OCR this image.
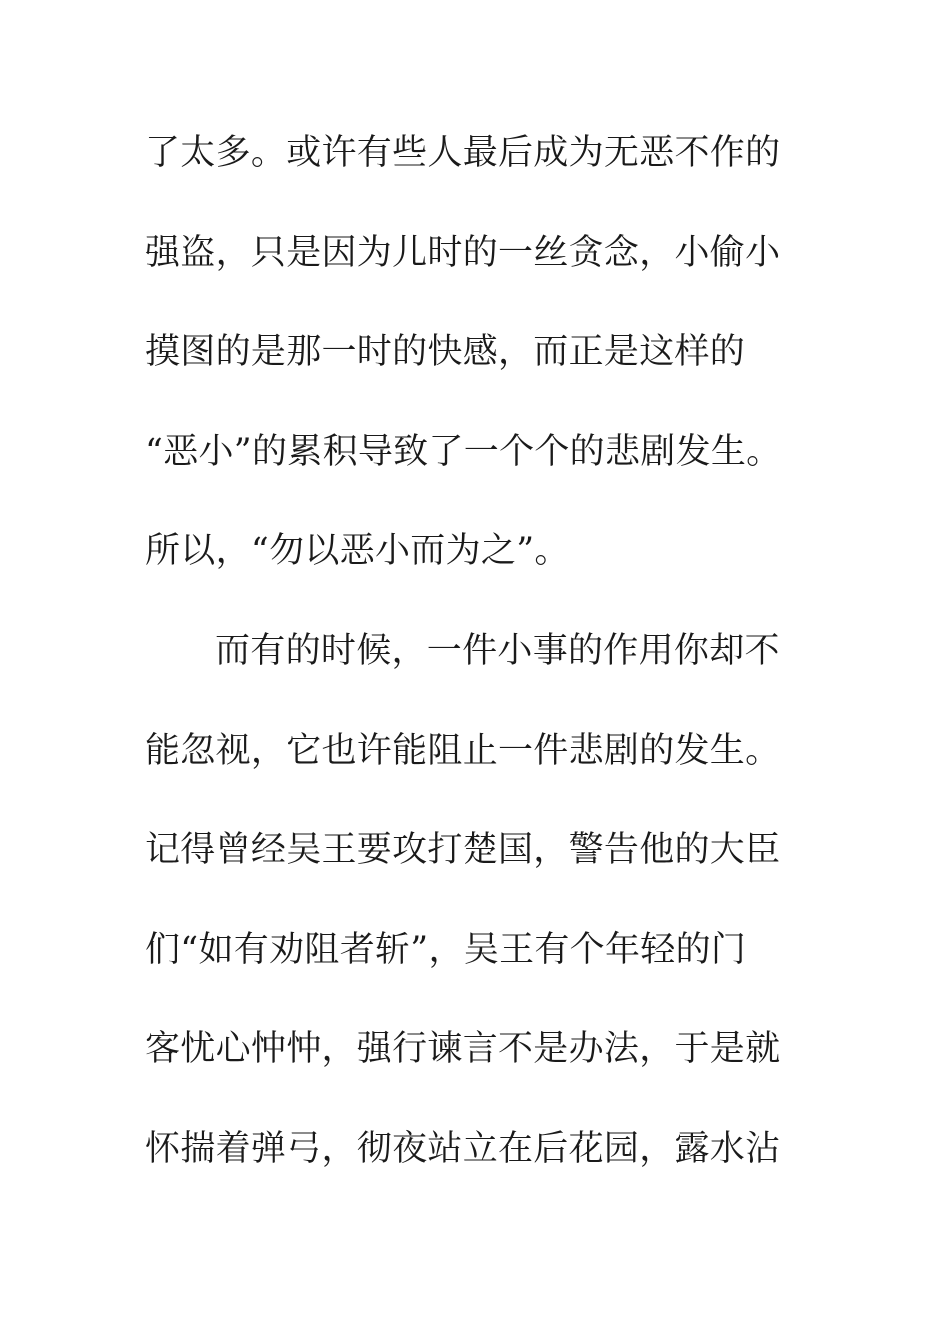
了太多。或许有些人最后成为无恶不作的
强盗，只是因为儿时的一丝贪念，小偷小
摸图的是那一时的快感，而正是这样的
“恶小”的累积导致了一个个的悲剧发生。
所以，“勿以恶小而为之”。
而有的时候，一件小事的作用你却不
能忽视，它也许能阻止一件悲剧的发生。
记得曾经吴王要攻打楚国，警告他的大臣
们“如有劝阻者斩”，吴王有个年轻的门
客忧心忡忡，强行谏言不是办法，于是就
怀揣着弹弓，彻夜站立在后花园，露水沾
